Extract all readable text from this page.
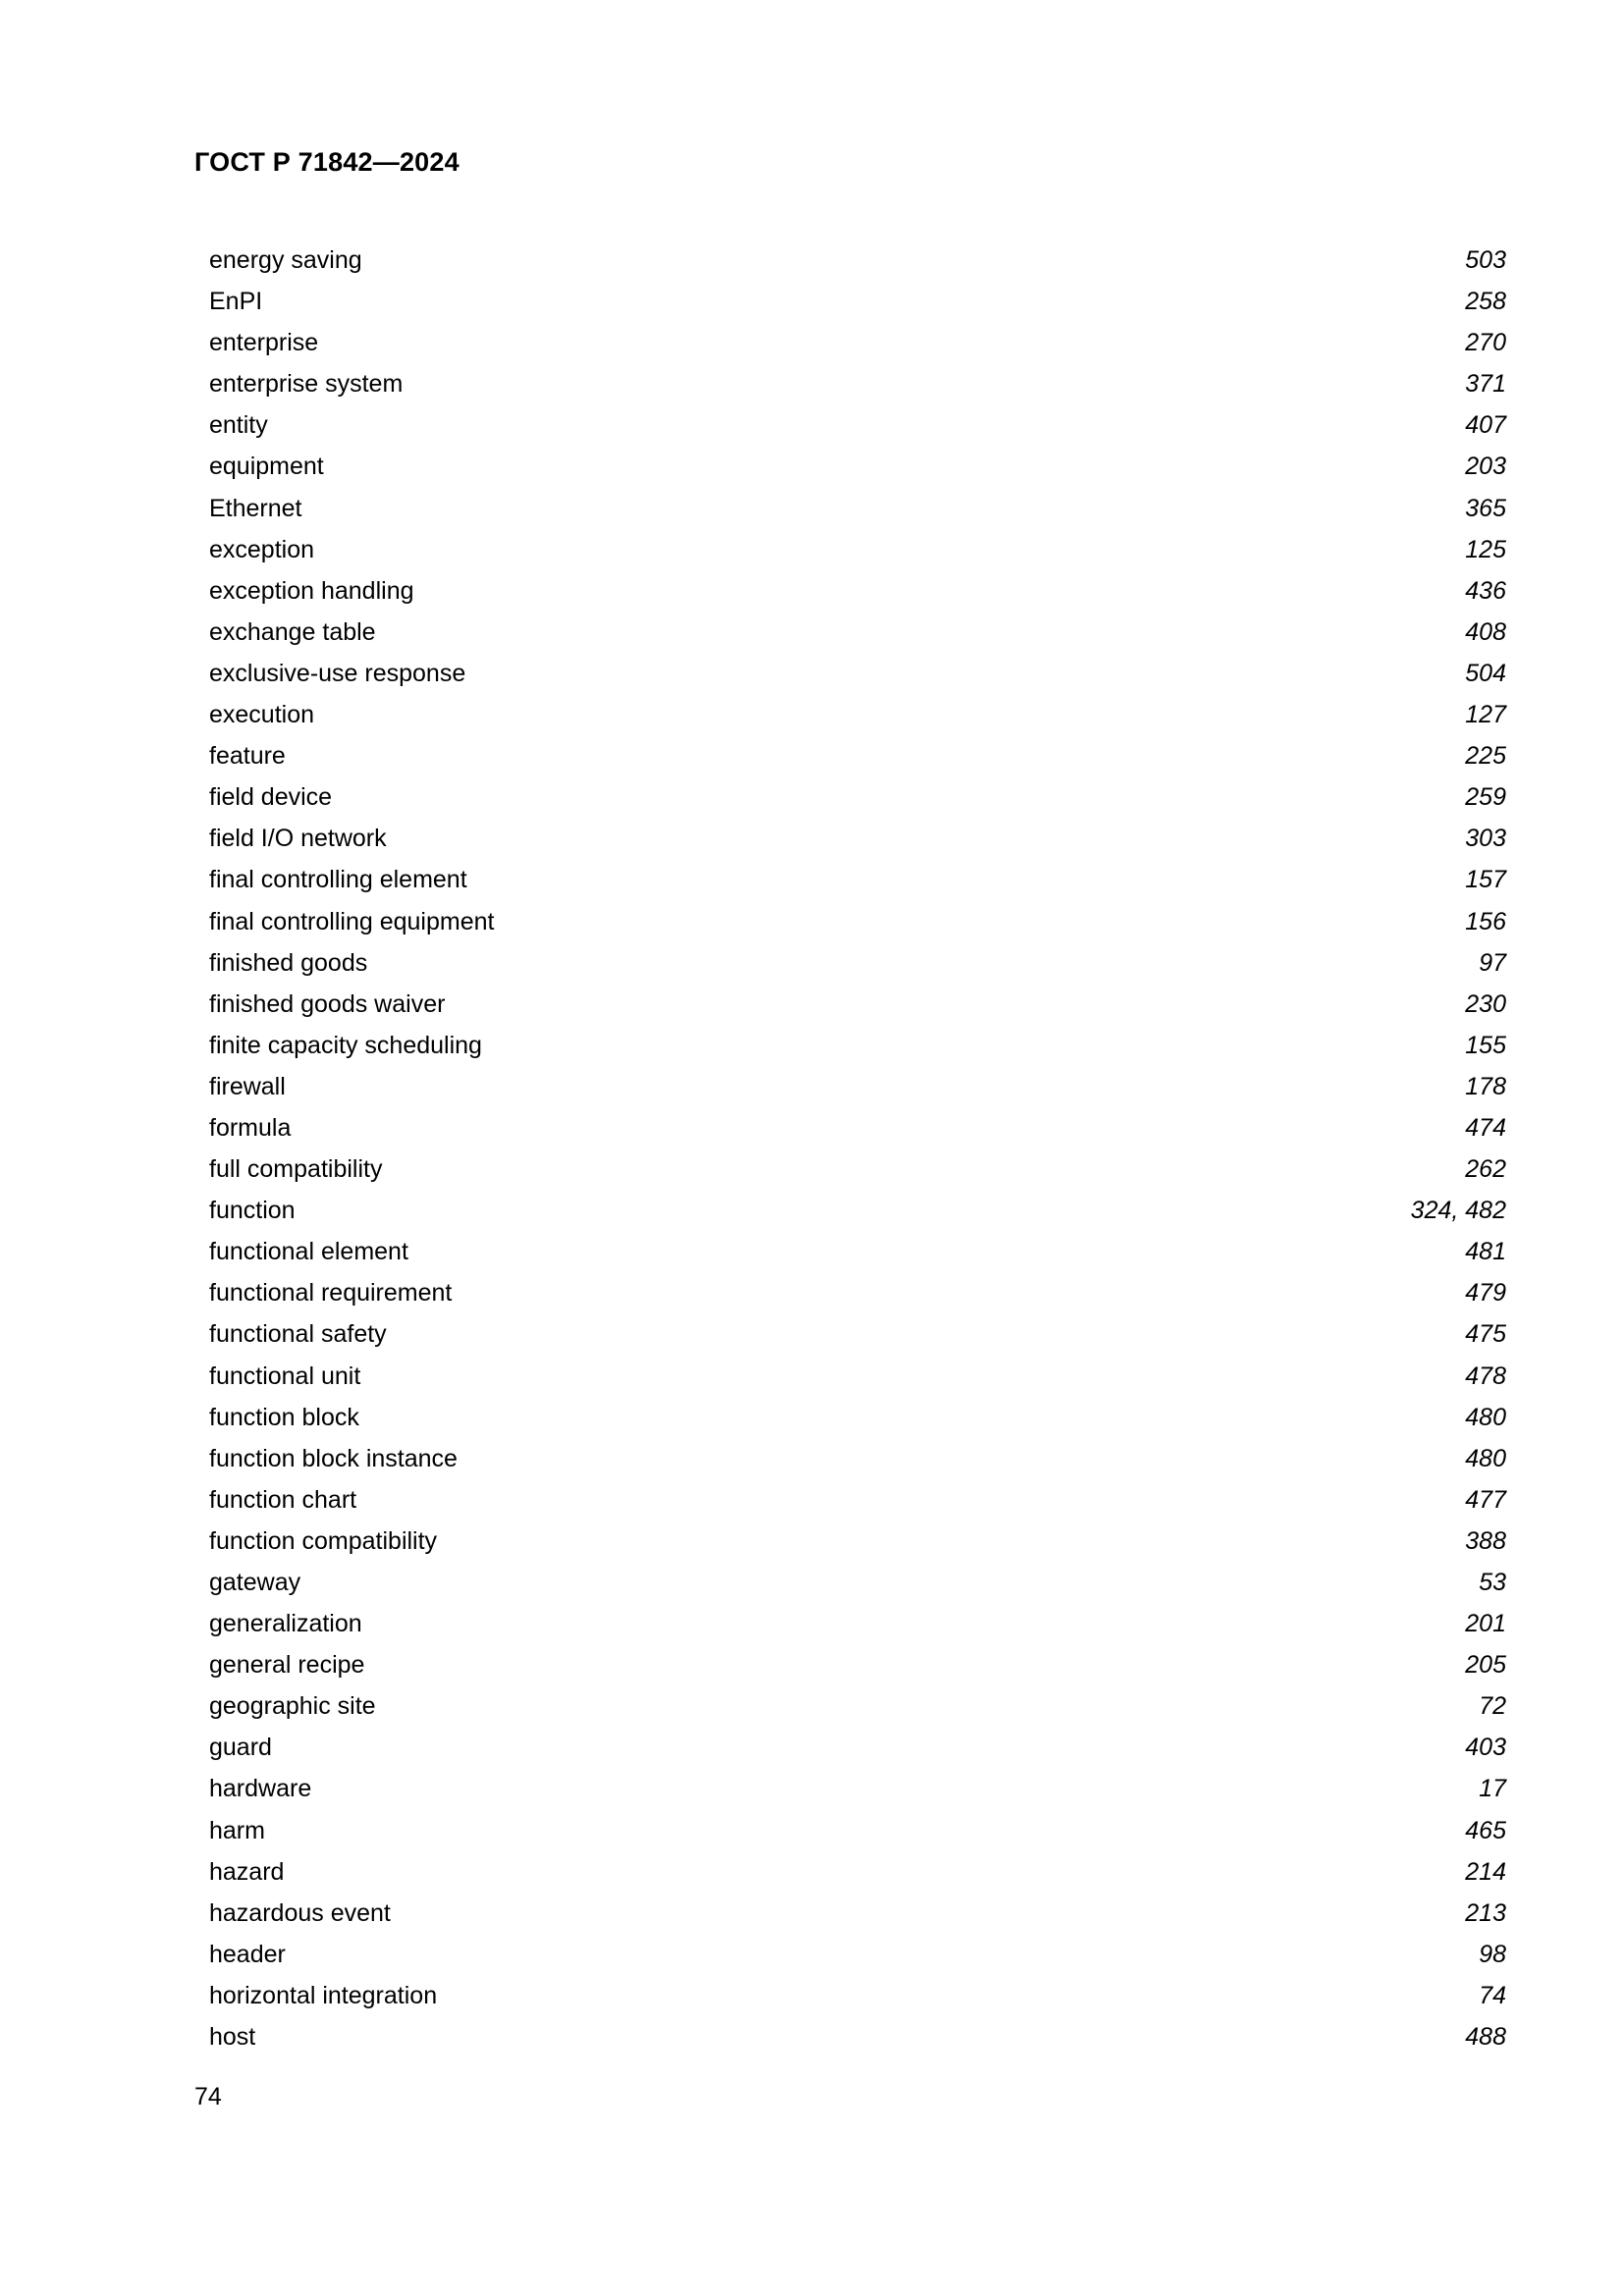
ГОСТ Р 71842—2024
energy saving	503
EnPI	258
enterprise	270
enterprise system	371
entity	407
equipment	203
Ethernet	365
exception	125
exception handling	436
exchange table	408
exclusive-use response	504
execution	127
feature	225
field device	259
field I/O network	303
final controlling element	157
final controlling equipment	156
finished goods	97
finished goods waiver	230
finite capacity scheduling	155
firewall	178
formula	474
full compatibility	262
function	324, 482
functional element	481
functional requirement	479
functional safety	475
functional unit	478
function block	480
function block instance	480
function chart	477
function compatibility	388
gateway	53
generalization	201
general recipe	205
geographic site	72
guard	403
hardware	17
harm	465
hazard	214
hazardous event	213
header	98
horizontal integration	74
host	488
74
